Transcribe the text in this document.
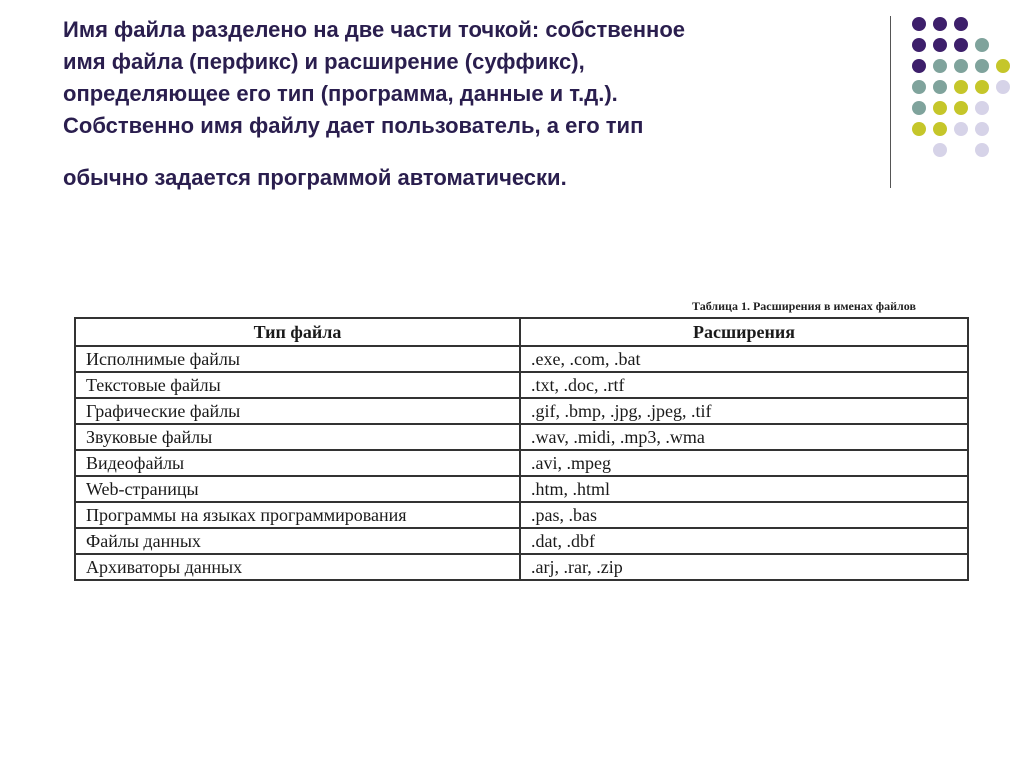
Имя файла разделено на две части точкой: собственное
имя файла (перфикс) и расширение (суффикс),
определяющее его тип (программа, данные и т.д.).
Собственно имя файлу дает пользователь, а его тип

обычно задается программой автоматически.

Таблица 1. Расширения в именах файлов
Тип файла	Расширения
Исполнимые файлы	.exe, .com, .bat
Текстовые файлы	.txt, .doc, .rtf
Графические файлы	.gif, .bmp, .jpg, .jpeg, .tif
Звуковые файлы	.wav, .midi, .mp3, .wma
Видеофайлы	.avi, .mpeg
Web-страницы	.htm, .html
Программы на языках программирования	.pas, .bas
Файлы данных	.dat, .dbf
Архиваторы данных	.arj, .rar, .zip
